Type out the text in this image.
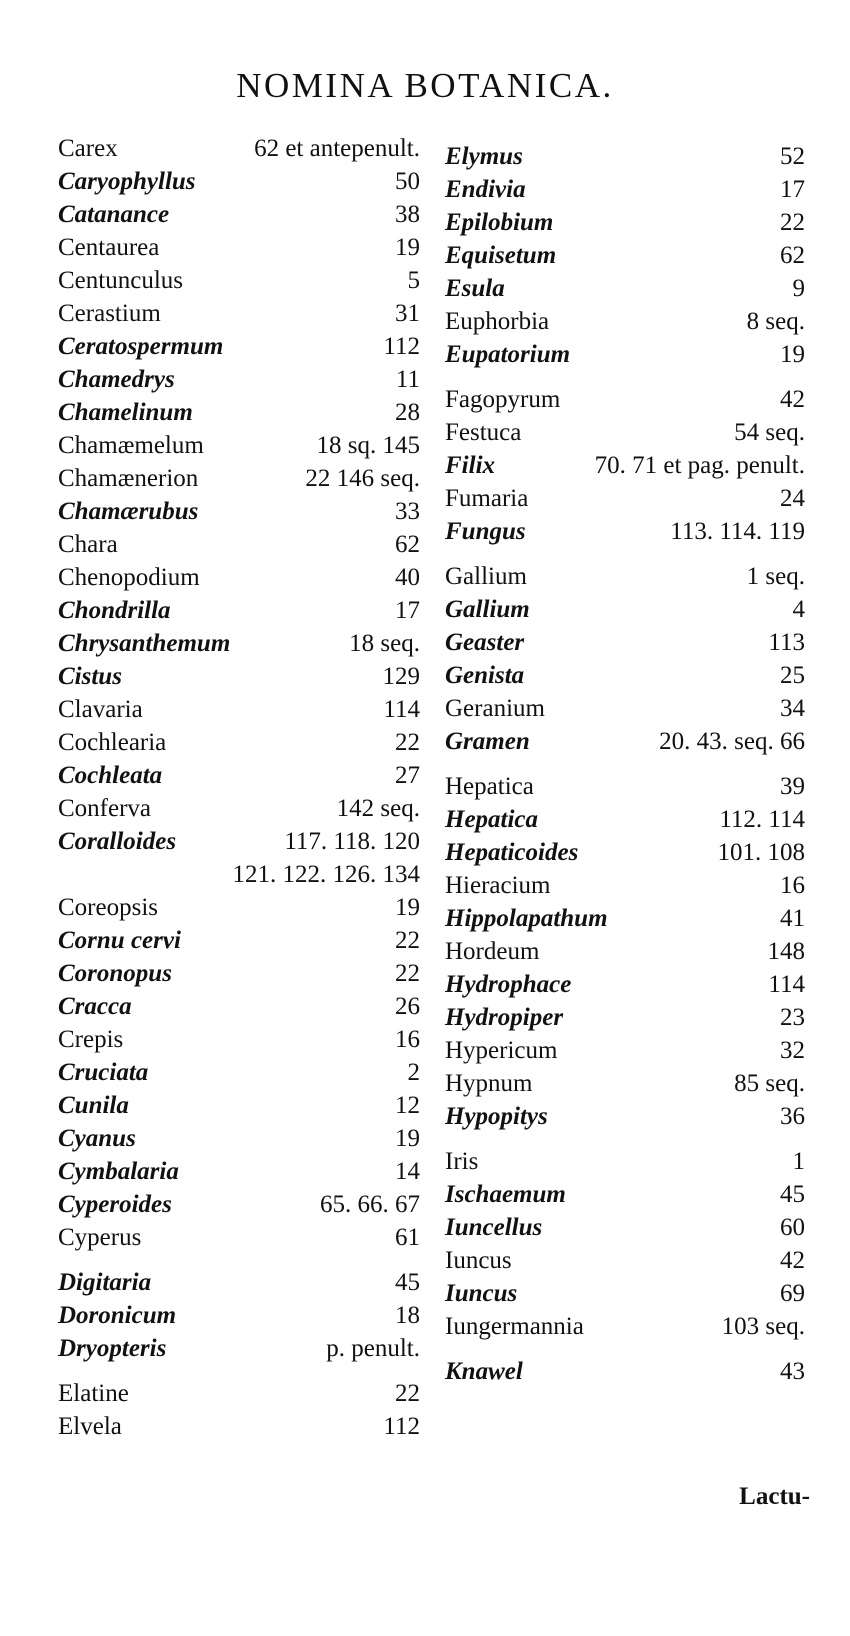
NOMINA BOTANICA.
Carex	62 et antepenult.
Caryophyllus	50
Catanance	38
Centaurea	19
Centunculus	5
Cerastium	31
Ceratospermum	112
Chamedrys	11
Chamelinum	28
Chamæmelum	18 sq. 145
Chamænerion	22 146 seq.
Chamærubus	33
Chara	62
Chenopodium	40
Chondrilla	17
Chrysanthemum	18 seq.
Cistus	129
Clavaria	114
Cochlearia	22
Cochleata	27
Conferva	142 seq.
Coralloides	117. 118. 120
121. 122. 126. 134
Coreopsis	19
Cornu cervi	22
Coronopus	22
Cracca	26
Crepis	16
Cruciata	2
Cunila	12
Cyanus	19
Cymbalaria	14
Cyperoides	65. 66. 67
Cyperus	61
Digitaria	45
Doronicum	18
Dryopteris	p. penult.
Elatine	22
Elvela	112
Elymus	52
Endivia	17
Epilobium	22
Equisetum	62
Esula	9
Euphorbia	8 seq.
Eupatorium	19
Fagopyrum	42
Festuca	54 seq.
Filix	70. 71 et pag. penult.
Fumaria	24
Fungus	113. 114. 119
Gallium	1 seq.
Gallium	4
Geaster	113
Genista	25
Geranium	34
Gramen	20. 43. seq. 66
Hepatica	39
Hepatica	112. 114
Hepaticoides	101. 108
Hieracium	16
Hippolapathum	41
Hordeum	148
Hydrophace	114
Hydropiper	23
Hypericum	32
Hypnum	85 seq.
Hypopitys	36
Iris	1
Ischaemum	45
Iuncellus	60
Iuncus	42
Iuncus	69
Iungermannia	103 seq.
Knawel	43
Lactu-
